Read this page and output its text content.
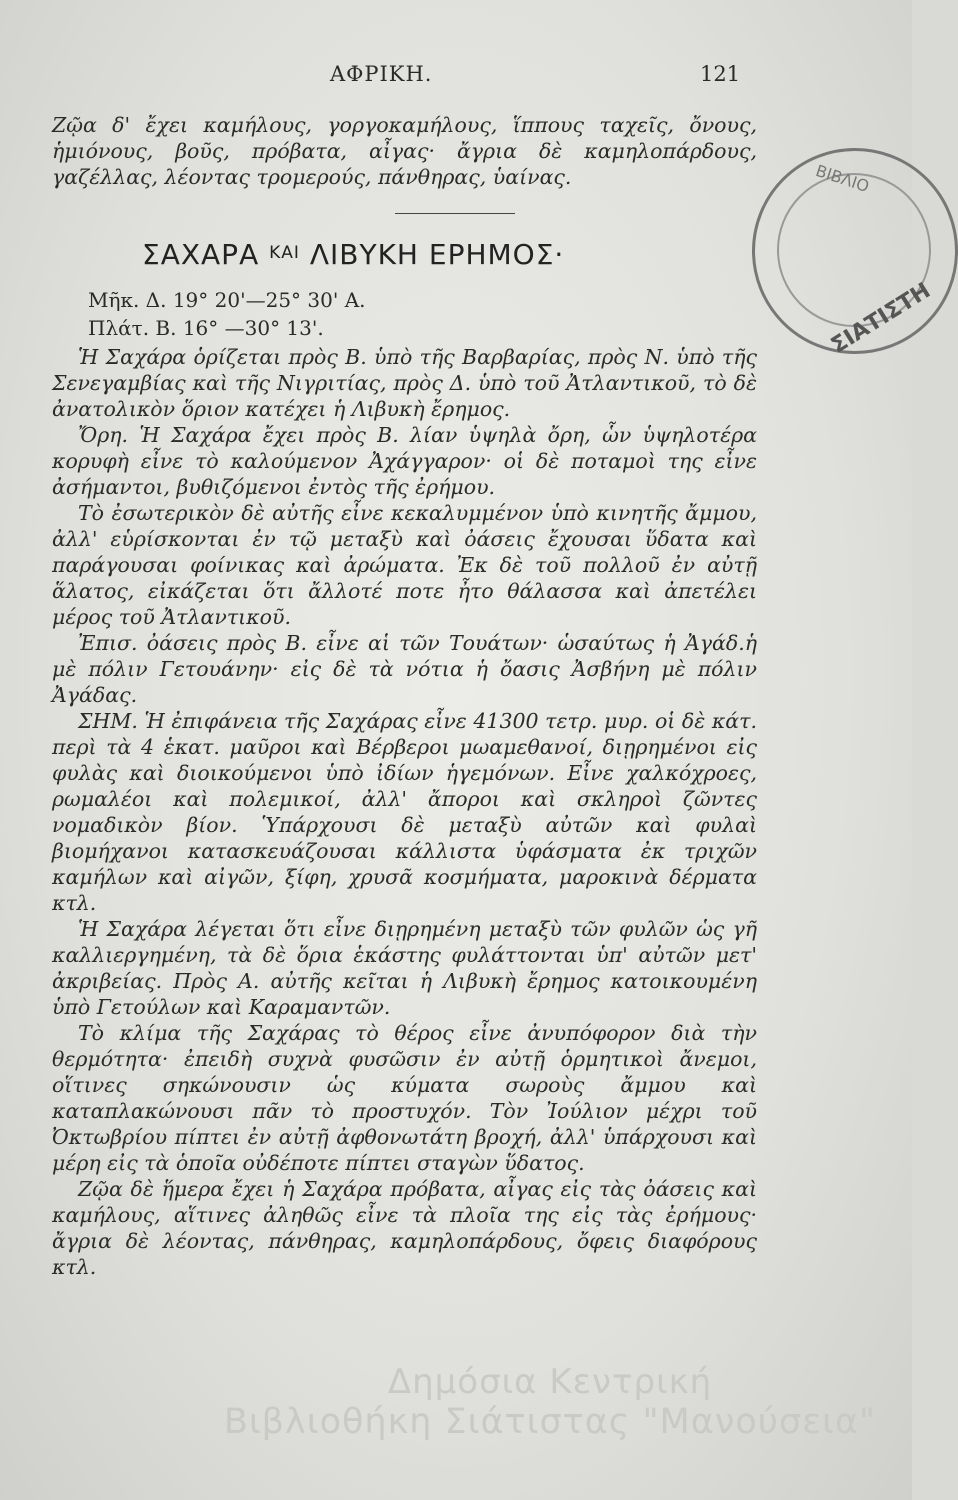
ΑΦΡΙΚΗ.	121
ΒΙΒΛΙΟ
ΣΙΑΤΙΣΤΗ

Ζῷα δ' ἔχει καμήλους, γοργοκαμήλους, ἵππους ταχεῖς, ὄνους, ἡμιόνους, βοῦς, πρόβατα, αἶγας· ἄγρια δὲ καμηλοπάρδους, γαζέλλας, λέοντας τρομερούς, πάνθηρας, ὑαίνας.

ΣΑΧΑΡΑ $^{KAI}$ ΛΙΒΥΚΗ ΕΡΗΜΟΣ·
Μῆκ. Δ. 19° 20'—25° 30' Α.
Πλάτ. Β. 16° —30° 13'.

Ἡ Σαχάρα ὁρίζεται πρὸς Β. ὑπὸ τῆς Βαρβαρίας, πρὸς Ν. ὑπὸ τῆς Σενεγαμβίας καὶ τῆς Νιγριτίας, πρὸς Δ. ὑπὸ τοῦ Ἀτλαντικοῦ, τὸ δὲ ἀνατολικὸν ὅριον κατέχει ἡ Λιβυκὴ ἔρημος.

Ὄρη. Ἡ Σαχάρα ἔχει πρὸς Β. λίαν ὑψηλὰ ὄρη, ὧν ὑψηλοτέρα κορυφὴ εἶνε τὸ καλούμενον Ἀχάγγαρον· οἱ δὲ ποταμοὶ της εἶνε ἀσήμαντοι, βυθιζόμενοι ἐντὸς τῆς ἐρήμου.

Τὸ ἐσωτερικὸν δὲ αὐτῆς εἶνε κεκαλυμμένον ὑπὸ κινητῆς ἄμμου, ἀλλ' εὑρίσκονται ἐν τῷ μεταξὺ καὶ ὀάσεις ἔχουσαι ὕδατα καὶ παράγουσαι φοίνικας καὶ ἀρώματα. Ἐκ δὲ τοῦ πολλοῦ ἐν αὐτῇ ἅλατος, εἰκάζεται ὅτι ἄλλοτέ ποτε ἦτο θάλασσα καὶ ἀπετέλει μέρος τοῦ Ἀτλαντικοῦ.

Ἐπισ. ὀάσεις πρὸς Β. εἶνε αἱ τῶν Τουάτων· ὡσαύτως ἡ Ἀγάδ.ἡ μὲ πόλιν Γετουάνην· εἰς δὲ τὰ νότια ἡ ὄασις Ἀσβήνη μὲ πόλιν Ἀγάδας.

ΣΗΜ. Ἡ ἐπιφάνεια τῆς Σαχάρας εἶνε 41300 τετρ. μυρ. οἱ δὲ κάτ. περὶ τὰ 4 ἑκατ. μαῦροι καὶ Βέρβεροι μωαμεθανοί, διῃρημένοι εἰς φυλὰς καὶ διοικούμενοι ὑπὸ ἰδίων ἡγεμόνων. Εἶνε χαλκόχροες, ρωμαλέοι καὶ πολεμικοί, ἀλλ' ἄποροι καὶ σκληροὶ ζῶντες νομαδικὸν βίον. Ὑπάρχουσι δὲ μεταξὺ αὐτῶν καὶ φυλαὶ βιομήχανοι κατασκευάζουσαι κάλλιστα ὑφάσματα ἐκ τριχῶν καμήλων καὶ αἰγῶν, ξίφη, χρυσᾶ κοσμήματα, μαροκινὰ δέρματα κτλ.

Ἡ Σαχάρα λέγεται ὅτι εἶνε διῃρημένη μεταξὺ τῶν φυλῶν ὡς γῆ καλλιεργημένη, τὰ δὲ ὅρια ἑκάστης φυλάττονται ὑπ' αὐτῶν μετ' ἀκριβείας. Πρὸς Α. αὐτῆς κεῖται ἡ Λιβυκὴ ἔρημος κατοικουμένη ὑπὸ Γετούλων καὶ Καραμαντῶν.

Τὸ κλίμα τῆς Σαχάρας τὸ θέρος εἶνε ἀνυπόφορον διὰ τὴν θερμότητα· ἐπειδὴ συχνὰ φυσῶσιν ἐν αὐτῇ ὁρμητικοὶ ἄνεμοι, οἵτινες σηκώνουσιν ὡς κύματα σωροὺς ἄμμου καὶ καταπλακώνουσι πᾶν τὸ προστυχόν. Τὸν Ἰούλιον μέχρι τοῦ Ὀκτωβρίου πίπτει ἐν αὐτῇ ἀφθονωτάτη βροχή, ἀλλ' ὑπάρχουσι καὶ μέρη εἰς τὰ ὁποῖα οὐδέποτε πίπτει σταγὼν ὕδατος.

Ζῷα δὲ ἥμερα ἔχει ἡ Σαχάρα πρόβατα, αἶγας εἰς τὰς ὀάσεις καὶ καμήλους, αἵτινες ἀληθῶς εἶνε τὰ πλοῖα της εἰς τὰς ἐρήμους· ἄγρια δὲ λέοντας, πάνθηρας, καμηλοπάρδους, ὄφεις διαφόρους κτλ.

Δημόσια Κεντρική
Βιβλιοθήκη Σιάτιστας "Μανούσεια"
